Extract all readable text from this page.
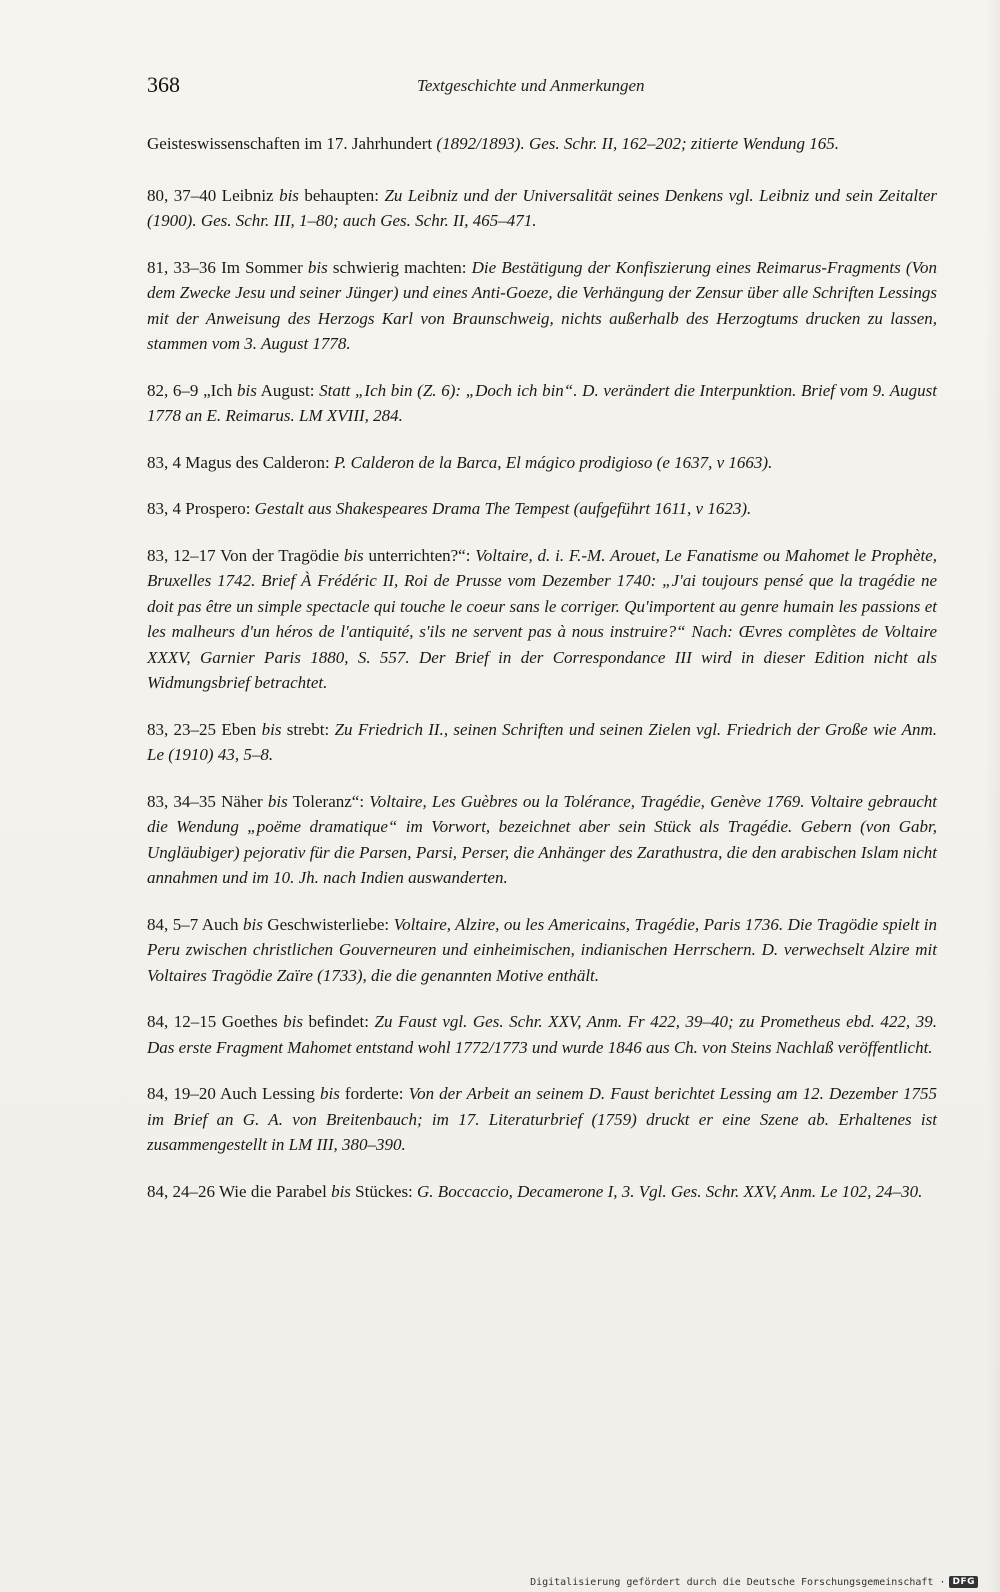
368	Textgeschichte und Anmerkungen

Geisteswissenschaften im 17. Jahrhundert (1892/1893). Ges. Schr. II, 162–202; zitierte Wendung 165.

80, 37–40 Leibniz bis behaupten: Zu Leibniz und der Universalität seines Denkens vgl. Leibniz und sein Zeitalter (1900). Ges. Schr. III, 1–80; auch Ges. Schr. II, 465–471.

81, 33–36 Im Sommer bis schwierig machten: Die Bestätigung der Konfiszierung eines Reimarus-Fragments (Von dem Zwecke Jesu und seiner Jünger) und eines Anti-Goeze, die Verhängung der Zensur über alle Schriften Lessings mit der Anweisung des Herzogs Karl von Braunschweig, nichts außerhalb des Herzogtums drucken zu lassen, stammen vom 3. August 1778.

82, 6–9 „Ich bis August: Statt „Ich bin (Z. 6): „Doch ich bin“. D. verändert die Interpunktion. Brief vom 9. August 1778 an E. Reimarus. LM XVIII, 284.

83, 4 Magus des Calderon: P. Calderon de la Barca, El mágico prodigioso (e 1637, v 1663).

83, 4 Prospero: Gestalt aus Shakespeares Drama The Tempest (aufgeführt 1611, v 1623).

83, 12–17 Von der Tragödie bis unterrichten?“: Voltaire, d. i. F.-M. Arouet, Le Fanatisme ou Mahomet le Prophète, Bruxelles 1742. Brief À Frédéric II, Roi de Prusse vom Dezember 1740: „J'ai toujours pensé que la tragédie ne doit pas être un simple spectacle qui touche le coeur sans le corriger. Qu'importent au genre humain les passions et les malheurs d'un héros de l'antiquité, s'ils ne servent pas à nous instruire?“ Nach: Œvres complètes de Voltaire XXXV, Garnier Paris 1880, S. 557. Der Brief in der Correspondance III wird in dieser Edition nicht als Widmungsbrief betrachtet.

83, 23–25 Eben bis strebt: Zu Friedrich II., seinen Schriften und seinen Zielen vgl. Friedrich der Große wie Anm. Le (1910) 43, 5–8.

83, 34–35 Näher bis Toleranz“: Voltaire, Les Guèbres ou la Tolérance, Tragédie, Genève 1769. Voltaire gebraucht die Wendung „poëme dramatique“ im Vorwort, bezeichnet aber sein Stück als Tragédie. Gebern (von Gabr, Ungläubiger) pejorativ für die Parsen, Parsi, Perser, die Anhänger des Zarathustra, die den arabischen Islam nicht annahmen und im 10. Jh. nach Indien auswanderten.

84, 5–7 Auch bis Geschwisterliebe: Voltaire, Alzire, ou les Americains, Tragédie, Paris 1736. Die Tragödie spielt in Peru zwischen christlichen Gouverneuren und einheimischen, indianischen Herrschern. D. verwechselt Alzire mit Voltaires Tragödie Zaïre (1733), die die genannten Motive enthält.

84, 12–15 Goethes bis befindet: Zu Faust vgl. Ges. Schr. XXV, Anm. Fr 422, 39–40; zu Prometheus ebd. 422, 39. Das erste Fragment Mahomet entstand wohl 1772/1773 und wurde 1846 aus Ch. von Steins Nachlaß veröffentlicht.

84, 19–20 Auch Lessing bis forderte: Von der Arbeit an seinem D. Faust berichtet Lessing am 12. Dezember 1755 im Brief an G. A. von Breitenbauch; im 17. Literaturbrief (1759) druckt er eine Szene ab. Erhaltenes ist zusammengestellt in LM III, 380–390.

84, 24–26 Wie die Parabel bis Stückes: G. Boccaccio, Decamerone I, 3. Vgl. Ges. Schr. XXV, Anm. Le 102, 24–30.

Digitalisierung gefördert durch die Deutsche Forschungsgemeinschaft · DFG
